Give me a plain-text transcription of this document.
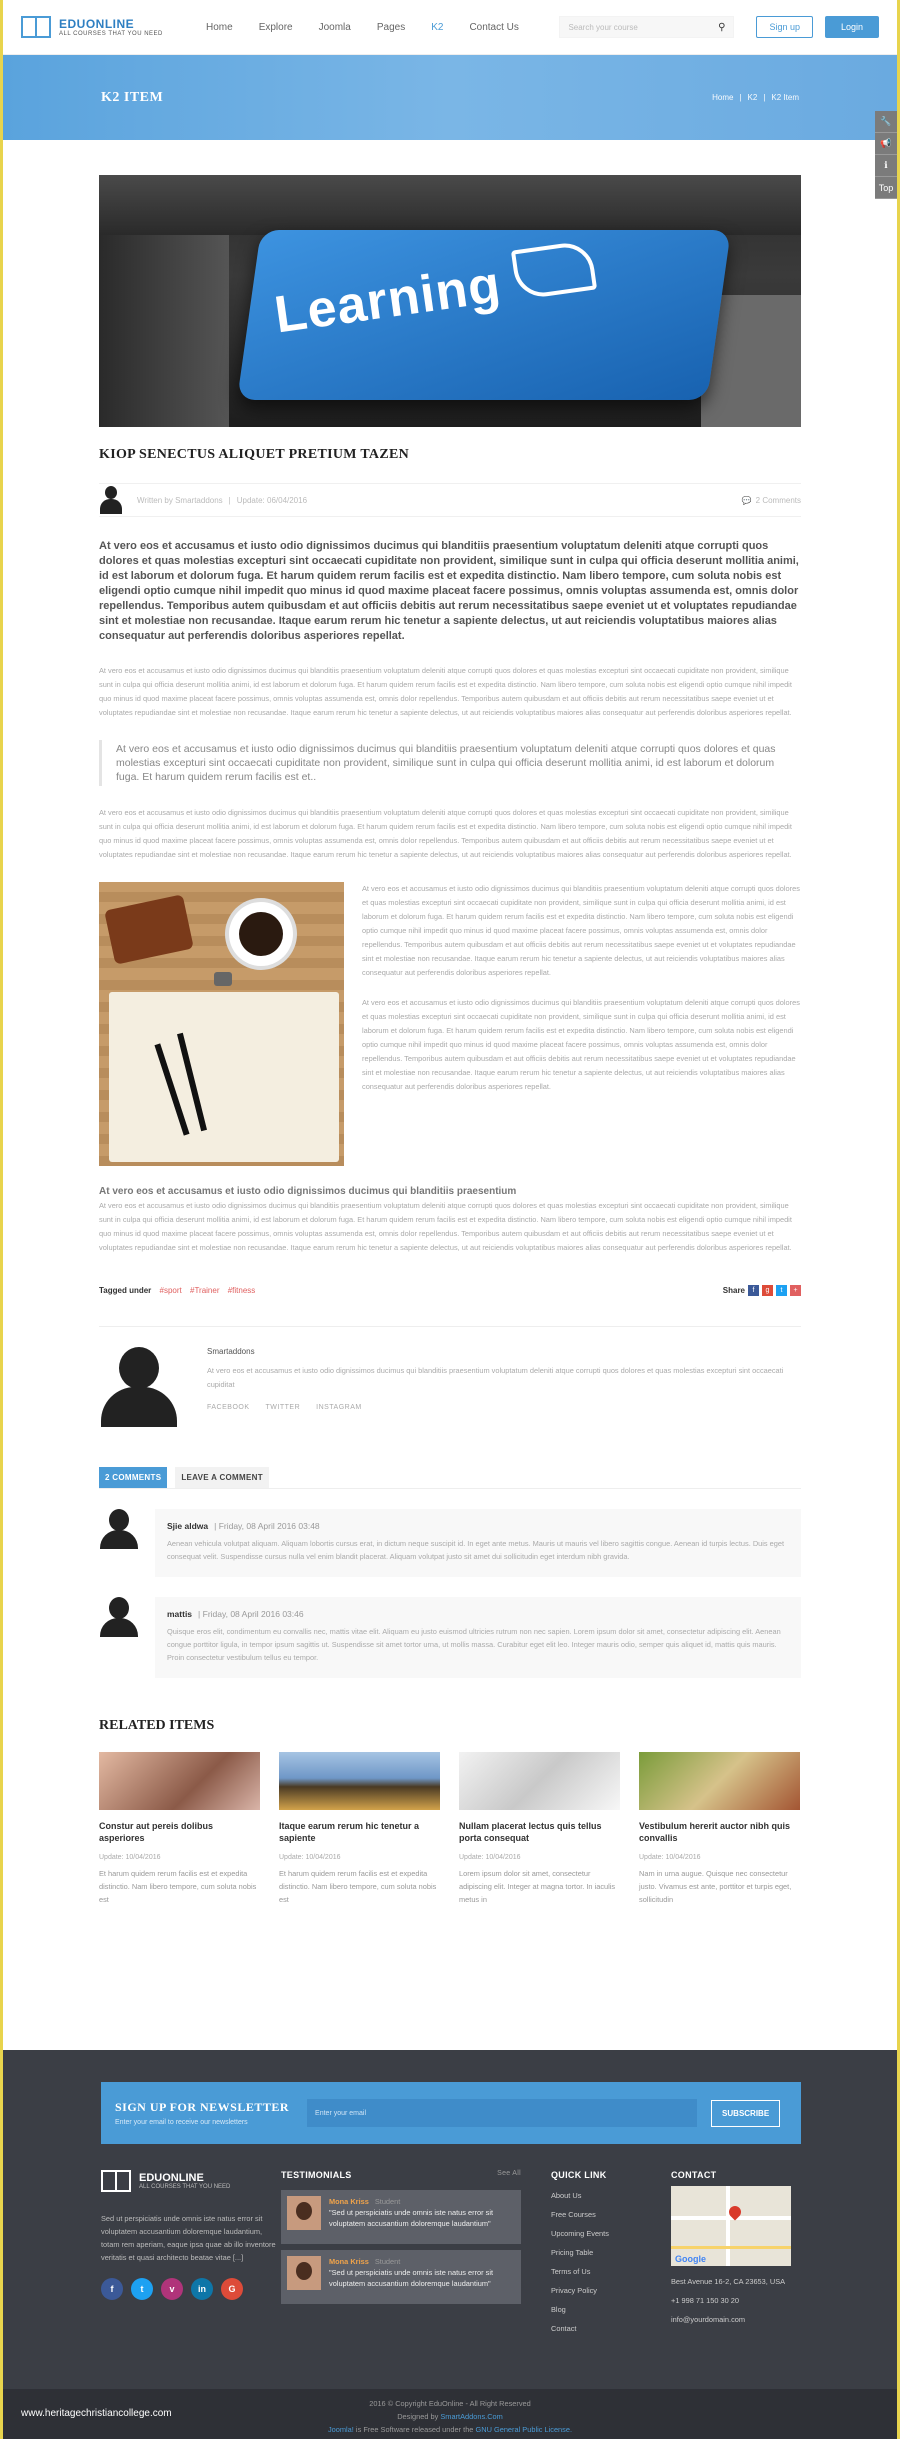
EDUONLINE
ALL COURSES THAT YOU NEED
Home	Explore	Joomla	Pages	K2	Contact Us	Search your course	⚲	Sign up	Login
K2 ITEM	Home | K2 | K2 Item
🔧
📢
ℹ
Top
Learning
KIOP SENECTUS ALIQUET PRETIUM TAZEN
Written by Smartaddons | Update: 06/04/2016	💬 2 Comments

At vero eos et accusamus et iusto odio dignissimos ducimus qui blanditiis praesentium voluptatum deleniti atque corrupti quos dolores et quas molestias excepturi sint occaecati cupiditate non provident, similique sunt in culpa qui officia deserunt mollitia animi, id est laborum et dolorum fuga. Et harum quidem rerum facilis est et expedita distinctio. Nam libero tempore, cum soluta nobis est eligendi optio cumque nihil impedit quo minus id quod maxime placeat facere possimus, omnis voluptas assumenda est, omnis dolor repellendus. Temporibus autem quibusdam et aut officiis debitis aut rerum necessitatibus saepe eveniet ut et voluptates repudiandae sint et molestiae non recusandae. Itaque earum rerum hic tenetur a sapiente delectus, ut aut reiciendis voluptatibus maiores alias consequatur aut perferendis doloribus asperiores repellat.

At vero eos et accusamus et iusto odio dignissimos ducimus qui blanditiis praesentium voluptatum deleniti atque corrupti quos dolores et quas molestias excepturi sint occaecati cupiditate non provident, similique sunt in culpa qui officia deserunt mollitia animi, id est laborum et dolorum fuga. Et harum quidem rerum facilis est et expedita distinctio. Nam libero tempore, cum soluta nobis est eligendi optio cumque nihil impedit quo minus id quod maxime placeat facere possimus, omnis voluptas assumenda est, omnis dolor repellendus. Temporibus autem quibusdam et aut officiis debitis aut rerum necessitatibus saepe eveniet ut et voluptates repudiandae sint et molestiae non recusandae. Itaque earum rerum hic tenetur a sapiente delectus, ut aut reiciendis voluptatibus maiores alias consequatur aut perferendis doloribus asperiores repellat.

At vero eos et accusamus et iusto odio dignissimos ducimus qui blanditiis praesentium voluptatum deleniti atque corrupti quos dolores et quas molestias excepturi sint occaecati cupiditate non provident, similique sunt in culpa qui officia deserunt mollitia animi, id est laborum et dolorum fuga. Et harum quidem rerum facilis est et..

At vero eos et accusamus et iusto odio dignissimos ducimus qui blanditiis praesentium voluptatum deleniti atque corrupti quos dolores et quas molestias excepturi sint occaecati cupiditate non provident, similique sunt in culpa qui officia deserunt mollitia animi, id est laborum et dolorum fuga. Et harum quidem rerum facilis est et expedita distinctio. Nam libero tempore, cum soluta nobis est eligendi optio cumque nihil impedit quo minus id quod maxime placeat facere possimus, omnis voluptas assumenda est, omnis dolor repellendus. Temporibus autem quibusdam et aut officiis debitis aut rerum necessitatibus saepe eveniet ut et voluptates repudiandae sint et molestiae non recusandae. Itaque earum rerum hic tenetur a sapiente delectus, ut aut reiciendis voluptatibus maiores alias consequatur aut perferendis doloribus asperiores repellat.

At vero eos et accusamus et iusto odio dignissimos ducimus qui blanditiis praesentium voluptatum deleniti atque corrupti quos dolores et quas molestias excepturi sint occaecati cupiditate non provident, similique sunt in culpa qui officia deserunt mollitia animi, id est laborum et dolorum fuga. Et harum quidem rerum facilis est et expedita distinctio. Nam libero tempore, cum soluta nobis est eligendi optio cumque nihil impedit quo minus id quod maxime placeat facere possimus, omnis voluptas assumenda est, omnis dolor repellendus. Temporibus autem quibusdam et aut officiis debitis aut rerum necessitatibus saepe eveniet ut et voluptates repudiandae sint et molestiae non recusandae. Itaque earum rerum hic tenetur a sapiente delectus, ut aut reiciendis voluptatibus maiores alias consequatur aut perferendis doloribus asperiores repellat.

At vero eos et accusamus et iusto odio dignissimos ducimus qui blanditiis praesentium voluptatum deleniti atque corrupti quos dolores et quas molestias excepturi sint occaecati cupiditate non provident, similique sunt in culpa qui officia deserunt mollitia animi, id est laborum et dolorum fuga. Et harum quidem rerum facilis est et expedita distinctio. Nam libero tempore, cum soluta nobis est eligendi optio cumque nihil impedit quo minus id quod maxime placeat facere possimus, omnis voluptas assumenda est, omnis dolor repellendus. Temporibus autem quibusdam et aut officiis debitis aut rerum necessitatibus saepe eveniet ut et voluptates repudiandae sint et molestiae non recusandae. Itaque earum rerum hic tenetur a sapiente delectus, ut aut reiciendis voluptatibus maiores alias consequatur aut perferendis doloribus asperiores repellat.

At vero eos et accusamus et iusto odio dignissimos ducimus qui blanditiis praesentium

At vero eos et accusamus et iusto odio dignissimos ducimus qui blanditiis praesentium voluptatum deleniti atque corrupti quos dolores et quas molestias excepturi sint occaecati cupiditate non provident, similique sunt in culpa qui officia deserunt mollitia animi, id est laborum et dolorum fuga. Et harum quidem rerum facilis est et expedita distinctio. Nam libero tempore, cum soluta nobis est eligendi optio cumque nihil impedit quo minus id quod maxime placeat facere possimus, omnis voluptas assumenda est, omnis dolor repellendus. Temporibus autem quibusdam et aut officiis debitis aut rerum necessitatibus saepe eveniet ut et voluptates repudiandae sint et molestiae non recusandae. Itaque earum rerum hic tenetur a sapiente delectus, ut aut reiciendis voluptatibus maiores alias consequatur aut perferendis doloribus asperiores repellat.

Tagged under #sport #Trainer #fitness	Share	f	g	t	+
Smartaddons

At vero eos et accusamus et iusto odio dignissimos ducimus qui blanditiis praesentium voluptatum deleniti atque corrupti quos dolores et quas molestias excepturi sint occaecati cupiditat

FACEBOOK TWITTER INSTAGRAM
2 COMMENTS	LEAVE A COMMENT
Sjie aldwa | Friday, 08 April 2016 03:48

Aenean vehicula volutpat aliquam. Aliquam lobortis cursus erat, in dictum neque suscipit id. In eget ante metus. Mauris ut mauris vel libero sagittis congue. Aenean id turpis lectus. Duis eget consequat velit. Suspendisse cursus nulla vel enim blandit placerat. Aliquam volutpat justo sit amet dui sollicitudin eget interdum nibh gravida.

mattis | Friday, 08 April 2016 03:46

Quisque eros elit, condimentum eu convallis nec, mattis vitae elit. Aliquam eu justo euismod ultricies rutrum non nec sapien. Lorem ipsum dolor sit amet, consectetur adipiscing elit. Aenean congue porttitor ligula, in tempor ipsum sagittis ut. Suspendisse sit amet tortor urna, ut mollis massa. Curabitur eget elit leo. Integer mauris odio, semper quis aliquet id, mattis quis mauris. Proin consectetur vestibulum tellus eu tempor.

RELATED ITEMS
Constur aut pereis dolibus asperiores
Update: 10/04/2016
Et harum quidem rerum facilis est et expedita distinctio. Nam libero tempore, cum soluta nobis est
Itaque earum rerum hic tenetur a sapiente
Update: 10/04/2016
Et harum quidem rerum facilis est et expedita distinctio. Nam libero tempore, cum soluta nobis est
Nullam placerat lectus quis tellus porta consequat
Update: 10/04/2016
Lorem ipsum dolor sit amet, consectetur adipiscing elit. Integer at magna tortor. In iaculis metus in
Vestibulum hererit auctor nibh quis convallis
Update: 10/04/2016
Nam in urna augue. Quisque nec consectetur justo. Vivamus est ante, porttitor et turpis eget, sollicitudin
SIGN UP FOR NEWSLETTER

Enter your email to receive our newsletters

Enter your email	SUBSCRIBE
EDUONLINE
ALL COURSES THAT YOU NEED

Sed ut perspiciatis unde omnis iste natus error sit voluptatem accusantium doloremque laudantium, totam rem aperiam, eaque ipsa quae ab illo inventore veritatis et quasi architecto beatae vitae [...]

f	t	v	in	G
TESTIMONIALS	See All
Mona Kriss Student
"Sed ut perspiciatis unde omnis iste natus error sit voluptatem accusantium doloremque laudantium"
Mona Kriss Student
"Sed ut perspiciatis unde omnis iste natus error sit voluptatem accusantium doloremque laudantium"
QUICK LINK
About Us
Free Courses
Upcoming Events
Pricing Table
Terms of Us
Privacy Policy
Blog
Contact
CONTACT
Google

Best Avenue 16-2, CA 23653, USA

+1 998 71 150 30 20

info@yourdomain.com

www.heritagechristiancollege.com
2016 © Copyright EduOnline - All Right Reserved
Designed by SmartAddons.Com
Joomla! is Free Software released under the GNU General Public License.
